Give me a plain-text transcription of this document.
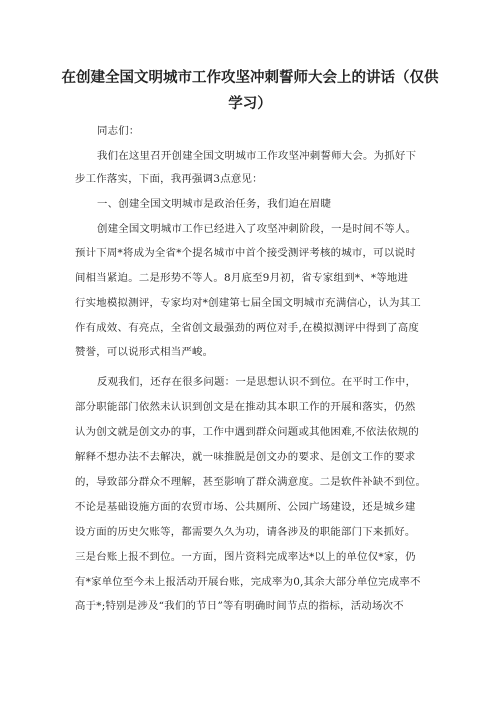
在创建全国文明城市工作攻坚冲刺誓师大会上的讲话（仅供
学习）

同志们：

我们在这里召开创建全国文明城市工作攻坚冲刺誓师大会。为抓好下

步工作落实，下面，我再强调3点意见：

一、创建全国文明城市是政治任务，我们迫在眉睫

创建全国文明城市工作已经进入了攻坚冲刺阶段，一是时间不等人。

预计下周*将成为全省*个提名城市中首个接受测评考核的城市，可以说时

间相当紧迫。二是形势不等人。8月底至9月初，省专家组到*、*等地进

行实地模拟测评，专家均对*创建第七届全国文明城市充满信心，认为其工

作有成效、有亮点，全省创文最强劲的两位对手,在模拟测评中得到了高度

赞誉，可以说形式相当严峻。

反观我们，还存在很多问题：一是思想认识不到位。在平时工作中，

部分职能部门依然未认识到创文是在推动其本职工作的开展和落实，仍然

认为创文就是创文办的事，工作中遇到群众问题或其他困难,不依法依规的

解释不想办法不去解决，就一味推脱是创文办的要求、是创文工作的要求

的，导致部分群众不理解，甚至影响了群众满意度。二是软件补缺不到位。

不论是基础设施方面的农贸市场、公共厕所、公园广场建设，还是城乡建

设方面的历史欠账等，都需要久久为功，请各涉及的职能部门下来抓好。

三是台账上报不到位。一方面，图片资料完成率达*以上的单位仅*家，仍

有*家单位至今未上报活动开展台账，完成率为0,其余大部分单位完成率不

高于*;特别是涉及“我们的节日”等有明确时间节点的指标，活动场次不
